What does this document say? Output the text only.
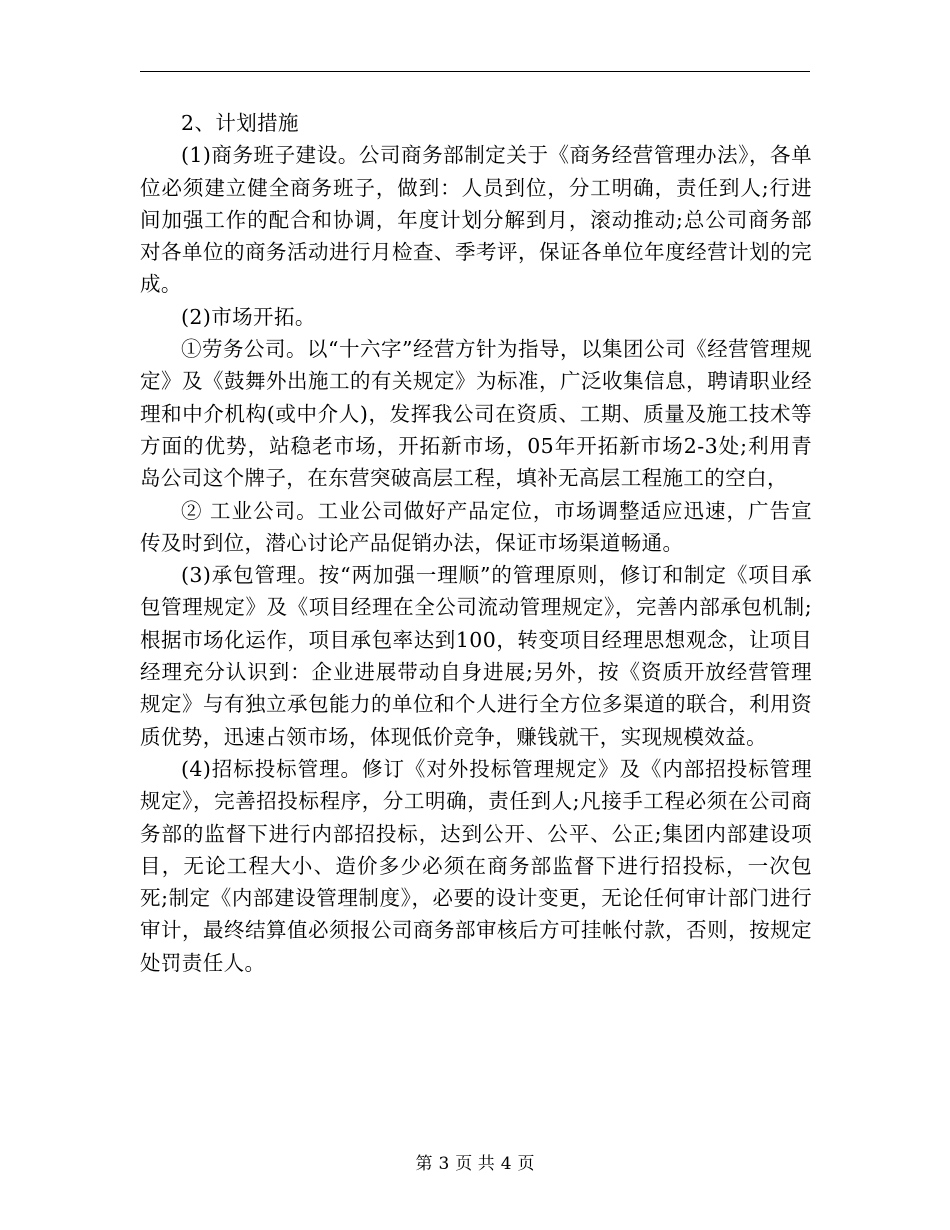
2、计划措施

(1)商务班子建设。公司商务部制定关于《商务经营管理办法》，各单位必须建立健全商务班子，做到：人员到位，分工明确，责任到人;行进间加强工作的配合和协调，年度计划分解到月，滚动推动;总公司商务部对各单位的商务活动进行月检查、季考评，保证各单位年度经营计划的完成。

(2)市场开拓。

①劳务公司。以“十六字”经营方针为指导，以集团公司《经营管理规定》及《鼓舞外出施工的有关规定》为标准，广泛收集信息，聘请职业经理和中介机构(或中介人)，发挥我公司在资质、工期、质量及施工技术等方面的优势，站稳老市场，开拓新市场，05年开拓新市场2-3处;利用青岛公司这个牌子，在东营突破高层工程，填补无高层工程施工的空白，

② 工业公司。工业公司做好产品定位，市场调整适应迅速，广告宣传及时到位，潜心讨论产品促销办法，保证市场渠道畅通。

(3)承包管理。按“两加强一理顺”的管理原则，修订和制定《项目承包管理规定》及《项目经理在全公司流动管理规定》，完善内部承包机制;根据市场化运作，项目承包率达到100，转变项目经理思想观念，让项目经理充分认识到：企业进展带动自身进展;另外，按《资质开放经营管理规定》与有独立承包能力的单位和个人进行全方位多渠道的联合，利用资质优势，迅速占领市场，体现低价竞争，赚钱就干，实现规模效益。

(4)招标投标管理。修订《对外投标管理规定》及《内部招投标管理规定》，完善招投标程序，分工明确，责任到人;凡接手工程必须在公司商务部的监督下进行内部招投标，达到公开、公平、公正;集团内部建设项目，无论工程大小、造价多少必须在商务部监督下进行招投标，一次包死;制定《内部建设管理制度》，必要的设计变更，无论任何审计部门进行审计，最终结算值必须报公司商务部审核后方可挂帐付款，否则，按规定处罚责任人。

第 3 页 共 4 页
